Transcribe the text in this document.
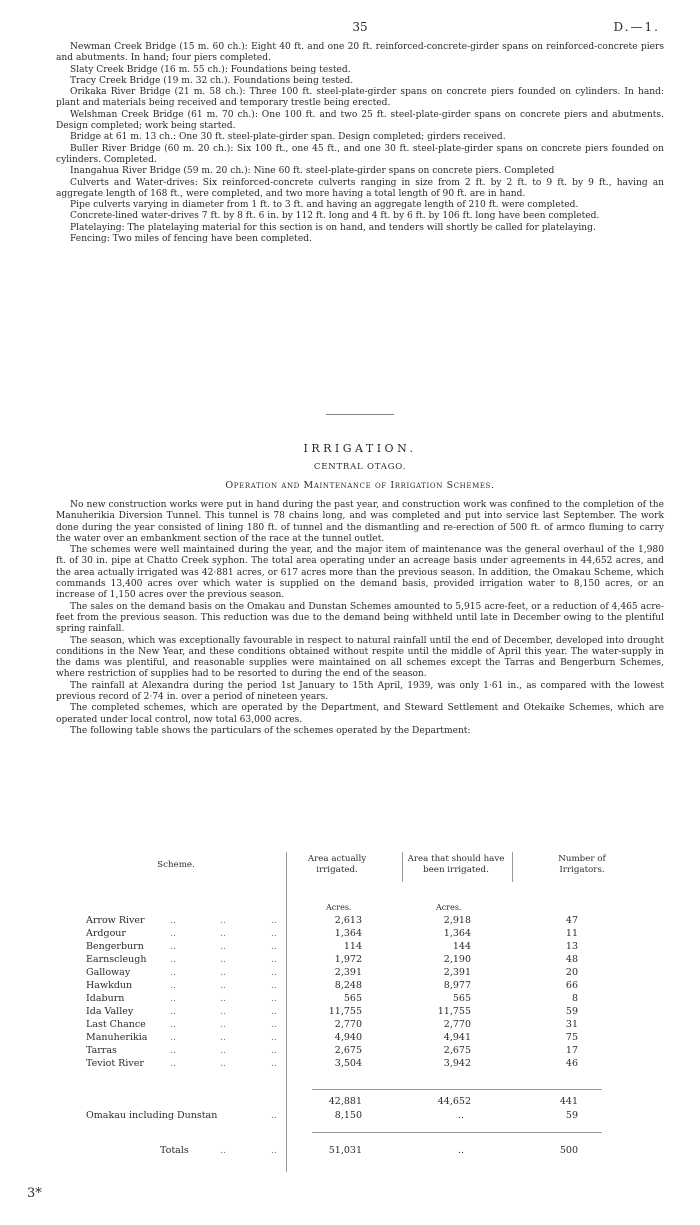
35	D.—1.

Newman Creek Bridge (15 m. 60 ch.): Eight 40 ft. and one 20 ft. reinforced-concrete-girder spans on reinforced-concrete piers and abutments. In hand; four piers completed.

Slaty Creek Bridge (16 m. 55 ch.): Foundations being tested.

Tracy Creek Bridge (19 m. 32 ch.). Foundations being tested.

Orikaka River Bridge (21 m. 58 ch.): Three 100 ft. steel-plate-girder spans on concrete piers founded on cylinders. In hand: plant and materials being received and temporary trestle being erected.

Welshman Creek Bridge (61 m. 70 ch.): One 100 ft. and two 25 ft. steel-plate-girder spans on concrete piers and abutments. Design completed; work being started.

Bridge at 61 m. 13 ch.: One 30 ft. steel-plate-girder span. Design completed; girders received.

Buller River Bridge (60 m. 20 ch.): Six 100 ft., one 45 ft., and one 30 ft. steel-plate-girder spans on concrete piers founded on cylinders. Completed.

Inangahua River Bridge (59 m. 20 ch.): Nine 60 ft. steel-plate-girder spans on concrete piers. Completed

Culverts and Water-drives: Six reinforced-concrete culverts ranging in size from 2 ft. by 2 ft. to 9 ft. by 9 ft., having an aggregate length of 168 ft., were completed, and two more having a total length of 90 ft. are in hand.

Pipe culverts varying in diameter from 1 ft. to 3 ft. and having an aggregate length of 210 ft. were completed.

Concrete-lined water-drives 7 ft. by 8 ft. 6 in. by 112 ft. long and 4 ft. by 6 ft. by 106 ft. long have been completed.

Platelaying: The platelaying material for this section is on hand, and tenders will shortly be called for platelaying.

Fencing: Two miles of fencing have been completed.

IRRIGATION.
CENTRAL OTAGO.
Operation and Maintenance of Irrigation Schemes.

No new construction works were put in hand during the past year, and construction work was confined to the completion of the Manuherikia Diversion Tunnel. This tunnel is 78 chains long, and was completed and put into service last September. The work done during the year consisted of lining 180 ft. of tunnel and the dismantling and re-erection of 500 ft. of armco fluming to carry the water over an embankment section of the race at the tunnel outlet.

The schemes were well maintained during the year, and the major item of maintenance was the general overhaul of the 1,980 ft. of 30 in. pipe at Chatto Creek syphon. The total area operating under an acreage basis under agreements in 44,652 acres, and the area actually irrigated was 42·881 acres, or 617 acres more than the previous season. In addition, the Omakau Scheme, which commands 13,400 acres over which water is supplied on the demand basis, provided irrigation water to 8,150 acres, or an increase of 1,150 acres over the previous season.

The sales on the demand basis on the Omakau and Dunstan Schemes amounted to 5,915 acre-feet, or a reduction of 4,465 acre-feet from the previous season. This reduction was due to the demand being withheld until late in December owing to the plentiful spring rainfall.

The season, which was exceptionally favourable in respect to natural rainfall until the end of December, developed into drought conditions in the New Year, and these conditions obtained without respite until the middle of April this year. The water-supply in the dams was plentiful, and reasonable supplies were maintained on all schemes except the Tarras and Bengerburn Schemes, where restriction of supplies had to be resorted to during the end of the season.

The rainfall at Alexandra during the period 1st January to 15th April, 1939, was only 1·61 in., as compared with the lowest previous record of 2·74 in. over a period of nineteen years.

The completed schemes, which are operated by the Department, and Steward Settlement and Otekaike Schemes, which are operated under local control, now total 63,000 acres.

The following table shows the particulars of the schemes operated by the Department:

Scheme.
Area actually irrigated.
Area that should have been irrigated.
Number of Irrigators.
Acres.	Acres.
Arrow River	..	..	..	2,613	2,918	47
Ardgour	..	..	..	1,364	1,364	11
Bengerburn	..	..	..	114	144	13
Earnscleugh ..	..	..	1,972	2,190	48
Galloway	..	..	..	2,391	2,391	20
Hawkdun	..	..	..	8,248	8,977	66
Idaburn	..	..	..	565	565	8
Ida Valley	..	..	..	11,755	11,755	59
Last Chance	..	..	..	2,770	2,770	31
Manuherikia ..	..	..	4,940	4,941	75
Tarras	..	..	..	2,675	2,675	17
Teviot River	..	..	..	3,504	3,942	46
42,881	44,652	441
Omakau including Dunstan	..	8,150	..	59
Totals	..	..	51,031	..	500
3*
